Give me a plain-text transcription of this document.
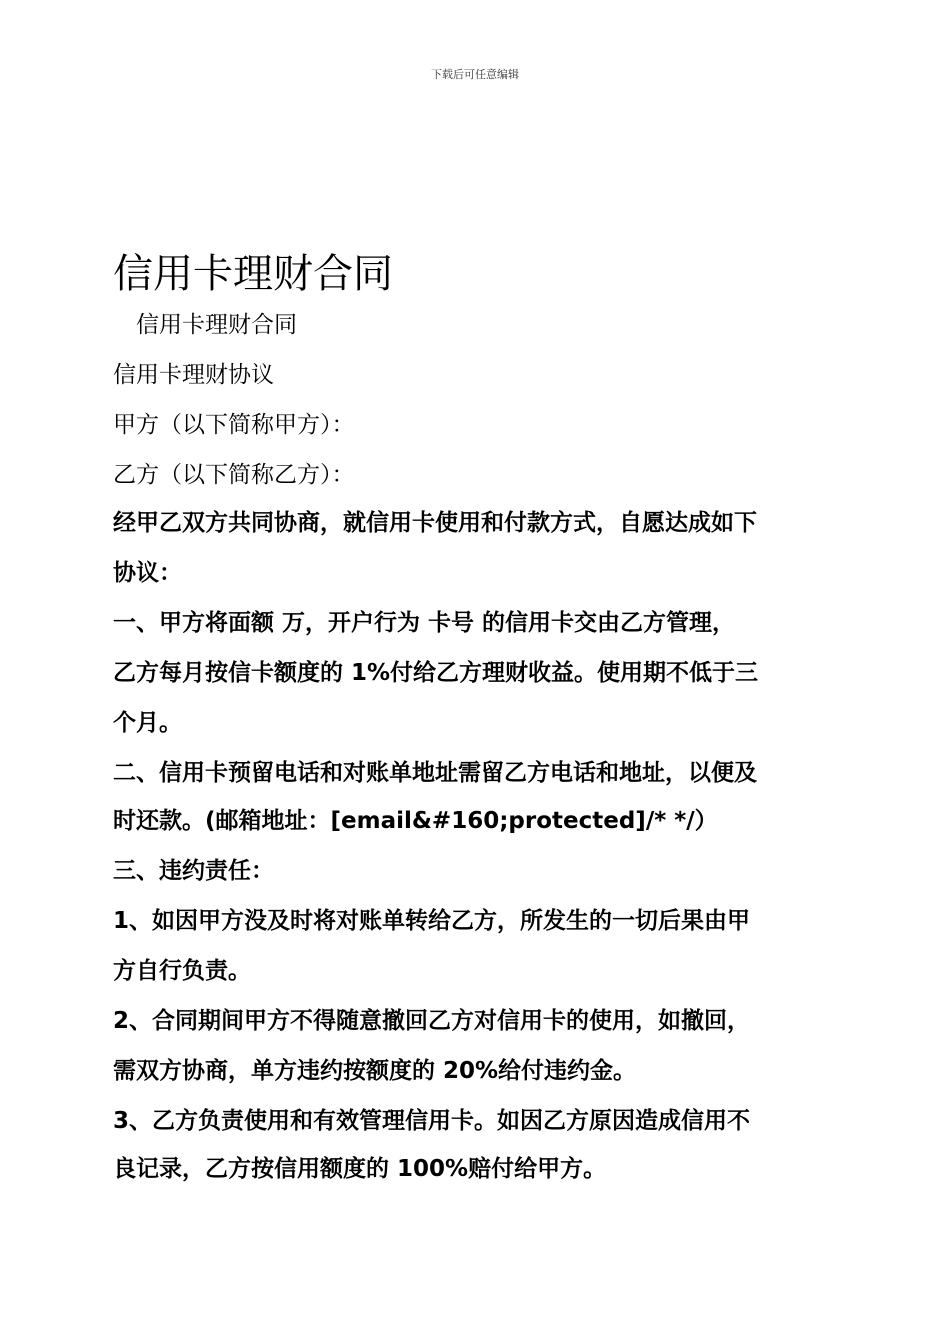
下载后可任意编辑
信用卡理财合同
　信用卡理财合同
信用卡理财协议
甲方（以下简称甲方）：
乙方（以下简称乙方）：
经甲乙双方共同协商，就信用卡使用和付款方式，自愿达成如下
协议：
一、甲方将面额 万，开户行为 卡号 的信用卡交由乙方管理，
乙方每月按信卡额度的 1%付给乙方理财收益。使用期不低于三
个月。
二、信用卡预留电话和对账单地址需留乙方电话和地址，以便及
时还款。(邮箱地址：[email&#160;protected]/* */）
三、违约责任：
1、如因甲方没及时将对账单转给乙方，所发生的一切后果由甲
方自行负责。
2、合同期间甲方不得随意撤回乙方对信用卡的使用，如撤回，
需双方协商，单方违约按额度的 20%给付违约金。
3、乙方负责使用和有效管理信用卡。如因乙方原因造成信用不
良记录，乙方按信用额度的 100%赔付给甲方。
